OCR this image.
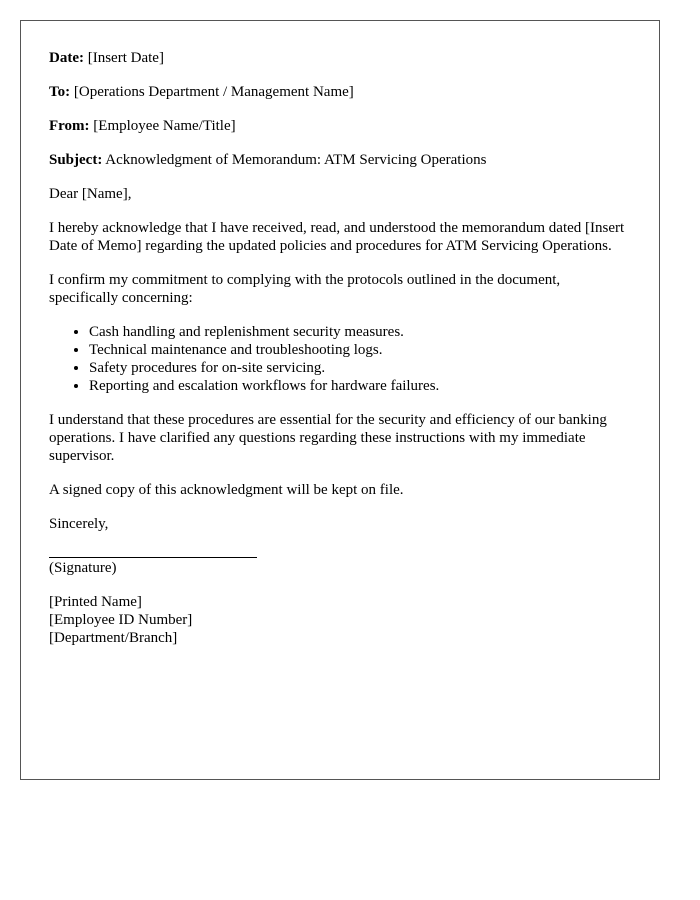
Date: [Insert Date]

To: [Operations Department / Management Name]

From: [Employee Name/Title]

Subject: Acknowledgment of Memorandum: ATM Servicing Operations

Dear [Name],

I hereby acknowledge that I have received, read, and understood the memorandum dated [Insert Date of Memo] regarding the updated policies and procedures for ATM Servicing Operations.

I confirm my commitment to complying with the protocols outlined in the document, specifically concerning:

• Cash handling and replenishment security measures.
• Technical maintenance and troubleshooting logs.
• Safety procedures for on-site servicing.
• Reporting and escalation workflows for hardware failures.

I understand that these procedures are essential for the security and efficiency of our banking operations. I have clarified any questions regarding these instructions with my immediate supervisor.

A signed copy of this acknowledgment will be kept on file.

Sincerely,

(Signature)
[Printed Name]
[Employee ID Number]
[Department/Branch]
